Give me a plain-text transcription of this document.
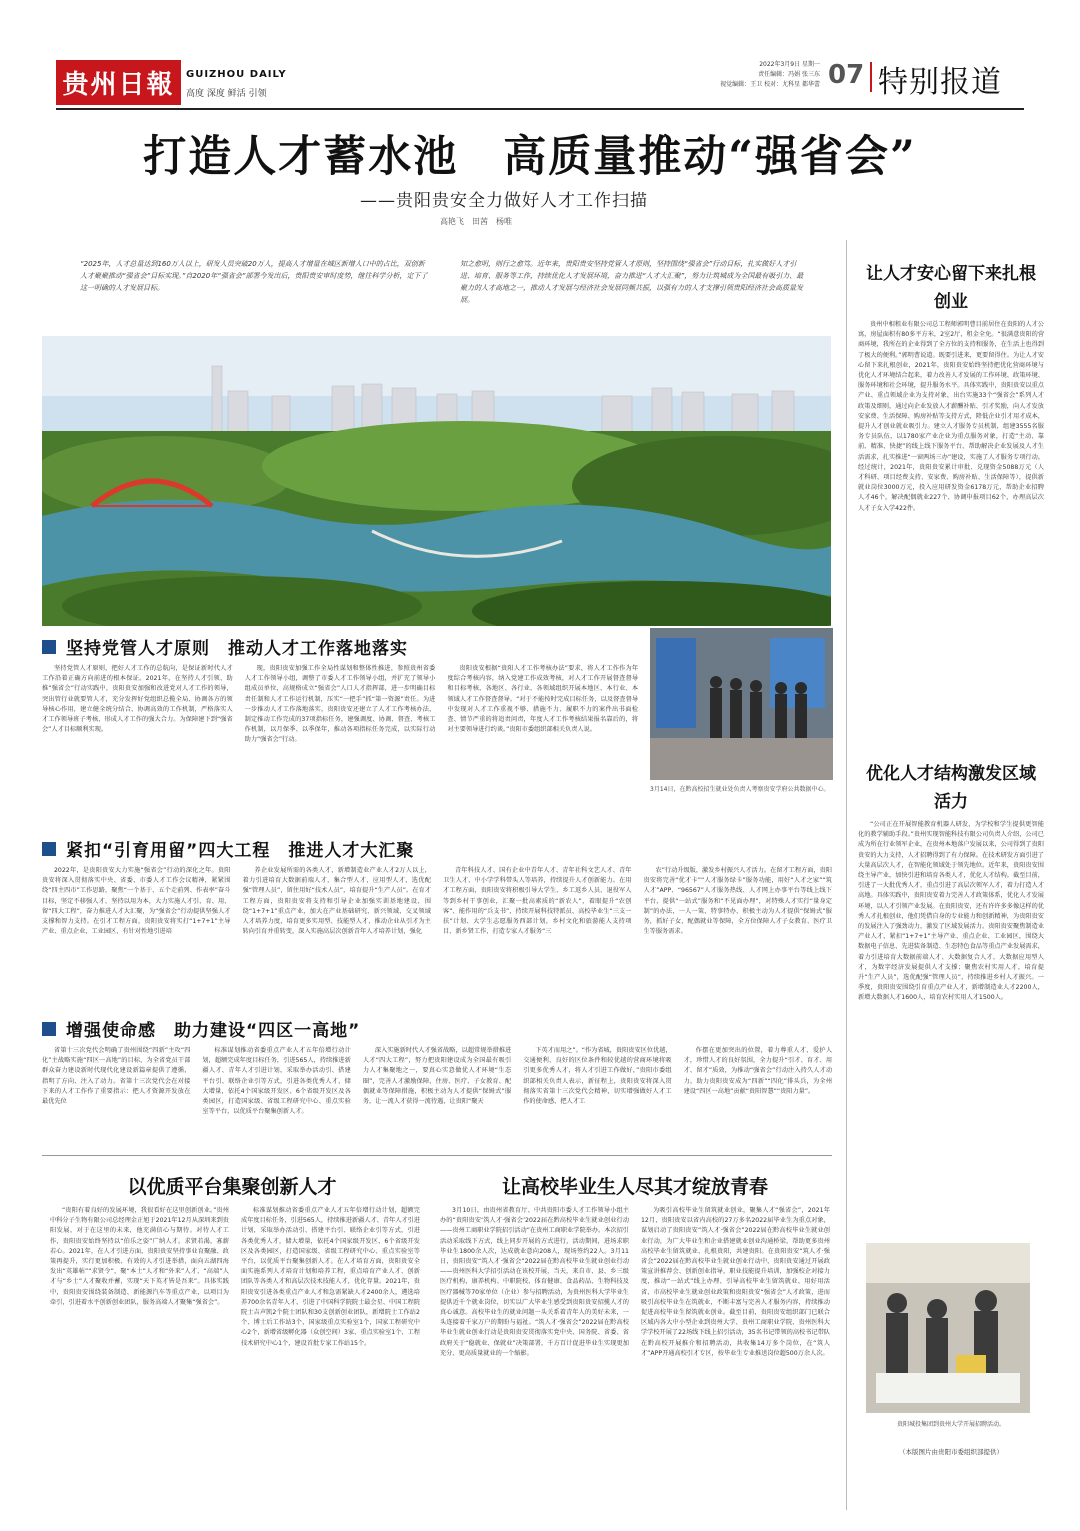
贵州日報	GUIZHOU DAILY
高度 深度 鲜活 引领
2022年3月9日 星期一
责任编辑：冯娟 张三东
视觉编辑：王卫 校对：尤科星 都华蕾 07 特别报道
打造人才蓄水池　高质量推动“强省会”
——贵阳贵安全力做好人才工作扫描
高艳飞　田茜　杨唯
“2025年，人才总量达到160万人以上，研发人员突破20万人，提高人才增量在城区新增人口中的占比，双创新人才聚聚推动“强省会”目标实现。”自2020年“强省会”部署今发出后，贵阳贵安审时度势，继往科学分析，定下了这一明确的人才发展目标。
知之愈明，则行之愈笃。近年来，贵阳贵安坚持党管人才原则，坚持围绕“强省会”行动目标，扎实做好人才引进、培育、服务等工作，持续优化人才发展环境，奋力推进“人才大汇聚”，努力让筑城成为全国最有吸引力、最聚力的人才高地之一，推动人才发展与经济社会发展同频共振，以强有力的人才支撑引领贵阳经济社会高质量发展。
坚持党管人才原则　推动人才工作落地落实
坚持党管人才原则，把好人才工作的总航向，是保证新时代人才工作沿着正确方向前进的根本保证。2021年，在坚持人才引领、助推“强省会”行动实践中，贵阳贵安加强和改进党对人才工作的领导，突出管行业就要管人才，充分发挥好党组织总揽全局、协调各方的领导核心作用，建立健全统分结合、协调高效的工作机制，严格落实人才工作领导班子考核，形成人才工作的强大合力。为保障建下到“强省会”人才目标顺利实现。
现，贵阳贵安加强工作全局性谋划和整体性推进，参照贵州省委人才工作领导小组，调整了市委人才工作领导小组，并扩充了领导小组成员单位，高规格成立“强省会”人口人才指挥部，进一步明确目标责任制和人才工作运行机制，压实“一把手”抓“第一资源”责任。为进一步推动人才工作落地落实，贵阳贵安还建立了人才工作考核办法，制定推动工作完成的37项指标任务，建强调度、协调、督查、考核工作机制，以月保季、以季保年，推动各项指标任务完成，以实际行动助力“强省会”行动。
贵阳贵安根据“贵阳人才工作考核办法”要求，将人才工作作为年度综合考核内容，纳入党建工作成效考核，对人才工作开展督查督导和目标考核，各地区、各行业、各领域组织开展本地区、本行业、本领域人才工作督查督导。“对于不能按时完成目标任务，以及督查督导中发现对人才工作重视不够、措施不力、履职不力的案件出书面检查、情节严重的将追责问责，年度人才工作考核结果报名靠后的，将对主要领导进行约谈。”贵阳市委组织部相关负责人说。
3月14日，在黔高校招生就业处负责人考察贵安学府公共数据中心。
紧扣“引育用留”四大工程　推进人才大汇聚
2022年，是贵阳贵安大力实施“强省会”行动的深化之年。贵阳贵安将深入贯彻落实中央、省委、市委人才工作会议精神，紧紧围绕“四主四市”工作思路，聚焦“一个基于、五个走前列、作表率”奋斗目标，坚定不移强人才、坚持以用为本，大力实施人才引、育、用、留“四大工程”，奋力推进人才大汇聚，为“强省会”行动提供坚强人才支撑和智力支持。在引才工程方面，贵阳贵安将实打“1+7+1”主导产业、重点企业、工业园区，有针对性地引进培
养企业发展所需的各类人才，新增制造业产业人才2万人以上，着力引进培育大数据前端人才，集合型人才，应用型人才，选优配强“管理人员”，留住用好“技术人员”，培育提升“生产人员”。在育才工程方面，贵阳贵安将支持和引导企业加强实训基地建设，围绕“1+7+1”重点产业，加大在产业基础研究、新兴领域、交叉领域人才培养力度，培育更多实用型、技能型人才，推动企业从引才为主转向引育并重转变，深入实施高层次创新青年人才培养计划，强化
青年科技人才、国有企业中青年人才、青年社科文艺人才、青年卫生人才、中小学学科带头人等培养，持续提升人才创新能力。在用才工程方面，贵阳贵安将积极引导大学生、乡工返乡人员、退役军人等到乡村干事创业，汇聚一批高素质的“新农人”，着眼提升“农创客”、能作用的“兵支书”，持续开展科技特派员、高校毕业生“三支一扶”计划、大学生志愿服务西部计划，乡村文化和旅游能人支持项目、新乡贤工作，打造专家人才服务“三
农”行动升级版，激发乡村振兴人才活力。在留才工程方面，贵阳贵安将完善“优才卡”“人才服务绿卡”服务功能，用好“人才之家”“筑人才”APP、“96567”人才服务热线、人才网上办事平台等线上线下平台，提供“一站式”服务和“不见面办理”，对特殊人才实行“量身定制”的办法，一人一策、特事特办，积极主动为人才提供“保姆式”服务，抓好子女、配偶就业等保障，全方位保障人才子女教育、医疗卫生等服务需求。
增强使命感　助力建设“四区一高地”
省第十三次党代会明确了贵州围绕“四新”主攻“四化”主战略实施“四区一高地”的目标，为全省党员干部群众奋力建设新时代现代化建设新篇章提供了遵循，指明了方向、注入了动力。省第十三次党代会在对接下来的人才工作作了重要指示：把人才资源开发放在最优先位
标准谋划推动省委重点产业人才五年倍增行动计划，超额完成年度目标任务，引进565人，持续推进新疆人才、青年人才引进计划，采取举办活动引、搭建平台引、联络企业引等方式，引进各类优秀人才，储大增量，依托4个国家级开发区、6个省级开发区及各类园区，打造国家级、省级工程研究中心、重点实验室等平台，以优质平台聚集创新人才。
深入实施新时代人才强省战略，以超常规举措推进人才“四大工程”，努力把贵阳建设成为全国最有吸引力人才集聚地之一，要真心实意做优人才环境“生态圈”，完善人才激励保障、住房、医疗、子女教育、配偶就业等保障措施，积极主动为人才提供“保姆式”服务，让一流人才获得一流待遇，让贵阳“聚天
下英才而用之”。“作为省城，贵阳贵安区位优越，交通便利，良好的区位条件和较优越的营商环境将吸引更多优秀人才，将人才引进工作做好，”贵阳市委组织部相关负责人表示，新征程上，贵阳贵安将深入贯彻落实省第十三次党代会精神，切实增强做好人才工作的使命感，把人才工
作摆在更加突出的位置，着力尊重人才、爱护人才，珍惜人才的良好氛围，全力提升“引才、育才、用才、留才”质效，为推动“强省会”行动注入持久人才动力，助力贵阳贵安成为“四新”“四化”排头兵，为全州建设“四区一高地”贡献“贵阳智慧”“贵阳力量”。
以优质平台集聚创新人才
“贵阳有着良好的发展环境，我很看好在这里创新创业。”贵州中科分子生物有限公司总经理金正旭于2021年12月从深圳来到贵阳发展，对于在这里的未来，他充满信心与期待。对待人才工作，贵阳贵安始终坚持以“伯乐之姿”广纳人才。求贤若渴，寡薪若心。2021年，在人才引进方面，贵阳贵安坚持事业育聚融、政策再提升，实行更加积极、有效的人才引进举措，面向五湖四海发出“英雄帖”“求贤令”，聚“本土”人才和“外来”人才、“高端”人才与“乡土”人才聚收并蓄，实现“天下英才皆是吾来”。具体实践中，贵阳贵安围绕装备制造、新能源汽车等重点产业，以项目为牵引，引进着水平创新创业团队，服务高端人才聚集“强省会”。
标准谋划推动省委重点产业人才五年倍增行动计划，超额完成年度目标任务，引进565人，持续推进新疆人才、青年人才引进计划，采取举办活动引、搭建平台引、联络企业引等方式，引进各类优秀人才，储大增量，依托4个国家级开发区、6个省级开发区及各类园区，打造国家级、省级工程研究中心、重点实验室等平台，以优质平台聚集创新人才。在人才培育方面，贵阳贵安全面实施系列人才培育计划和培养工程，重点培育产业人才、创新团队等各类人才和高层次技术技能人才，优化存量。2021年，贵阳贵安引进各类重点产业人才和急需紧缺人才2400余人，遴选培养700余名青年人才，引进了中国科学院院士最会星、中国工程院院士吉声凯2个院士团队和30支创新创业团队，新增院士工作站2个、博士后工作站3个，国家级重点实验室1个，国家工程研究中心2个，新增省级孵化器（众创空间）3家、重点实验室1个、工程技术研究中心1个，建设首批专家工作站15个。
让高校毕业生人尽其才绽放青春
3月10日，由贵州省教育厅、中共贵阳市委人才工作领导小组主办的“贵阳贵安‘筑人才·强省会’2022届在黔高校毕业生就业创业行动——贵州工商职业学院招引活动”在贵州工商职业学院举办。本次招引活动采取线下方式，线上同步开展的方式进行，活动期间，进场求职毕业生1800余人次，达成就业意向208人，现场签约22人。3月11日，贵阳贵安“筑人才·强省会”2022届在黔高校毕业生就业创业行动——贵州医科大学招引活动在该校开展，当天，来自市、县、乡三级医疗机构，康养机构、中职院校、体育健康、食品药品、生物科技及医疗器械等70家单位（企业）参与招聘活动，为贵州医科大学毕业生提供近千个就业岗位，切实以广大毕业生感受到贵阳贵安招揽人才的真心诚意。高校毕业生的就业问题一头关系着青年人的美好未来，一头连接着千家万户的期盼与福祉。“筑人才·强省会”2022届在黔高校毕业生就业创业行动是贵阳贵安贯彻落实党中央、国务院、省委、省政府关于“稳就业、保就业”决策部署，千方百计促进毕业生实现更加充分、更高质量就业的一个缩影。
为吸引高校毕业生留筑就业创业，聚集人才“强省会”，2021年12月，贵阳贵安以省内高校的27万多名2022届毕业生为重点对象，谋划启动了贵阳贵安“筑人才·强省会”2022届在黔高校毕业生就业创业行动，为广大毕业生和企业搭建就业创业沟通桥梁，帮助更多贵州高校毕业生留筑就业、扎根贵阳，共建贵阳。在贵阳贵安“筑人才·强省会”2022届在黔高校毕业生就业创业行动中，贵阳贵安通过开展政策宣讲推荐会、创新创业指导，职业技能提升培训，加强校企对接力度，推动“一站式”线上办理、引导高校毕业生留筑就业、用好用活省、市高校毕业生就业创业政策和贵阳贵安“强省会”人才政策，进而吸引高校毕业生在筑就业，不断丰富与完善人才服务内容，持续推动促进高校毕业生留筑就业创业。截至目前，贵阳贵安组织部门已联合区域内各大中小型企业到贵州大学、贵州工商职业学院、贵州医科大学学校开展了22场线下线上招引活动，35名书记带领的高校书记带队在黔高校开展推介和招聘活动，共收集14万多个岗位，在“筑人才”APP开通高校引才专区，按毕业生专业推送岗位超500万余人次。
让人才安心留下来扎根创业
贵州中相租业有限公司总工程师郭明曹目前居住在贵阳的人才公寓，房屋面积有80多平方米，2室2厅，租金全免。“很满意贵阳的营商环境，我所在的企业得到了全方位的支持和服务，在生活上也得到了极大的便利。”郭明曹说道。既要引进来，更要留得住。为让人才安心留下来扎根创业，2021年，贵阳贵安始终坚持把优化营商环境与优化人才环境结合起来，着力改善人才发展的工作环境、政策环境、服务环境和社会环境，提升服务水平。具体实践中，贵阳贵安以重点产业、重点领域企业为支持对象，出台实施33个“强省会”系列人才政策及细则，通过向企业发放人才薪酬补贴、引才奖励，向人才发放安家费、生活保障、购房补贴等支持方式，降低企业引才用才成本，提升人才创业就业吸引力。建立人才服务专员机制，组建3555名服务专员队伍，以1780家产业企业为重点服务对象，打造“主动、靠前、精准、快捷”的线上线下服务平台，帮助解决企业发展及人才生活需求，扎实推进“一窗两场三办”建设，实施了人才服务专项行动。经过统计，2021年，贵阳贵安累计审批、兑现资金5088万元（人才科研、项目经费支持、安家费、购房补贴、生活保障等），提供新就业岗位3000万元，投入应用研发资金6178万元，帮助企业招聘人才46个，解决配偶就业227个、协调申报项目62个，办理高层次人才子女入学422件。
优化人才结构激发区域活力
“公司正在开展智能教育机器人研发，为学校和学生提供更智能化的教学辅助手段。”贵州实现智能科技有限公司负责人介绍，公司已成为所在行业领军企业，在贵州本地落户发展以来，公司得到了贵阳贵安的大力支持，人才招聘得到了有力保障。在技术研发方面引进了大量高层次人才，在智能化领域处于领先地位。近年来，贵阳贵安围绕主导产业，加快引进和培育各类人才，优化人才结构。截至目前，引进了一大批优秀人才，重点引进了高层次领军人才，着力打造人才高地。具体实践中，贵阳贵安着力完善人才政策体系，优化人才发展环境，以人才引领产业发展。在贵阳贵安，还有许许多多像这样的优秀人才扎根创业，他们凭借自身的专业能力和创新精神，为贵阳贵安的发展注入了强劲动力，激发了区域发展活力。贵阳贵安聚焦制造业产业人才，紧扣“1+7+1”主导产业、重点企业、工业园区，围绕大数据电子信息、先进装备制造、生态特色食品等重点产业发展需求，着力引进培育大数据前端人才、大数据复合人才、大数据应用型人才，为数字经济发展提供人才支撑；聚焦农村实用人才，培育提升“生产人员”，选优配强“管理人员”，持续推进乡村人才振兴。一季度，贵阳贵安围绕引育重点产业人才，新增制造业人才2200人，新增大数据人才1600人，培育农村实用人才1500人。
贵阳城投集团到贵州大学开展招聘活动。
（本版图片由贵阳市委组织部提供）
